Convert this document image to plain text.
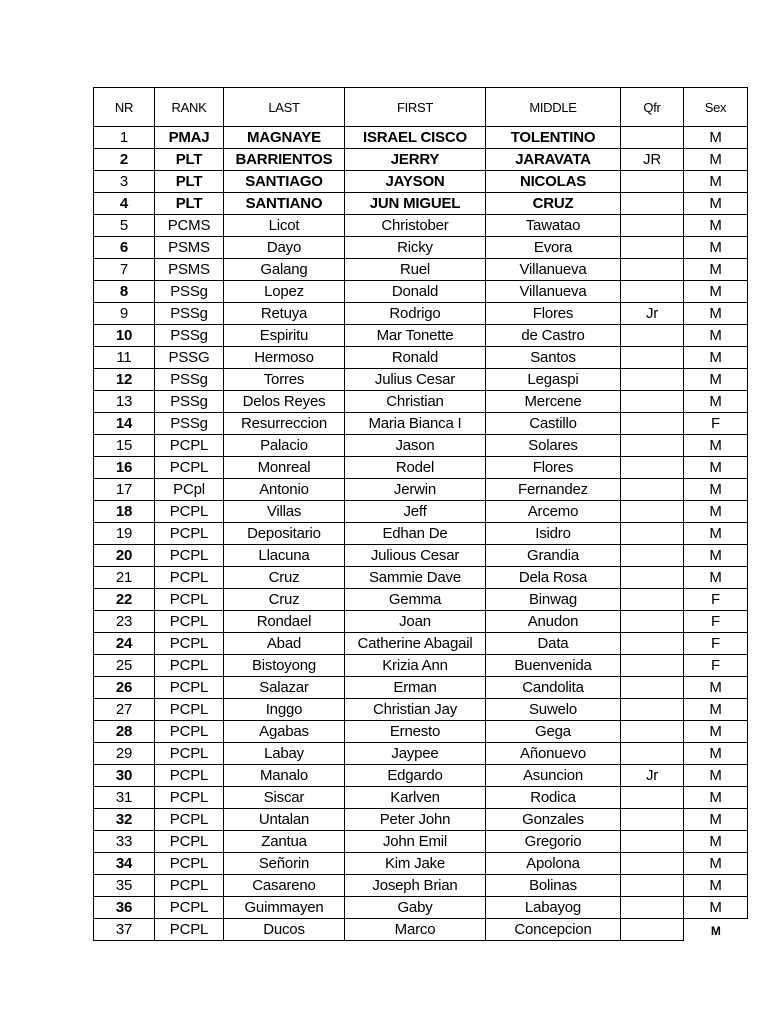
NR	RANK	LAST	FIRST	MIDDLE	Qfr	Sex
1	PMAJ	MAGNAYE	ISRAEL CISCO	TOLENTINO		M
2	PLT	BARRIENTOS	JERRY	JARAVATA	JR	M
3	PLT	SANTIAGO	JAYSON	NICOLAS		M
4	PLT	SANTIANO	JUN MIGUEL	CRUZ		M
5	PCMS	Licot	Christober	Tawatao		M
6	PSMS	Dayo	Ricky	Evora		M
7	PSMS	Galang	Ruel	Villanueva		M
8	PSSg	Lopez	Donald	Villanueva		M
9	PSSg	Retuya	Rodrigo	Flores	Jr	M
10	PSSg	Espiritu	Mar Tonette	de Castro		M
11	PSSG	Hermoso	Ronald	Santos		M
12	PSSg	Torres	Julius Cesar	Legaspi		M
13	PSSg	Delos Reyes	Christian	Mercene		M
14	PSSg	Resurreccion	Maria Bianca I	Castillo		F
15	PCPL	Palacio	Jason	Solares		M
16	PCPL	Monreal	Rodel	Flores		M
17	PCpl	Antonio	Jerwin	Fernandez		M
18	PCPL	Villas	Jeff	Arcemo		M
19	PCPL	Depositario	Edhan De	Isidro		M
20	PCPL	Llacuna	Julious Cesar	Grandia		M
21	PCPL	Cruz	Sammie Dave	Dela Rosa		M
22	PCPL	Cruz	Gemma	Binwag		F
23	PCPL	Rondael	Joan	Anudon		F
24	PCPL	Abad	Catherine Abagail	Data		F
25	PCPL	Bistoyong	Krizia Ann	Buenvenida		F
26	PCPL	Salazar	Erman	Candolita		M
27	PCPL	Inggo	Christian Jay	Suwelo		M
28	PCPL	Agabas	Ernesto	Gega		M
29	PCPL	Labay	Jaypee	Añonuevo		M
30	PCPL	Manalo	Edgardo	Asuncion	Jr	M
31	PCPL	Siscar	Karlven	Rodica		M
32	PCPL	Untalan	Peter John	Gonzales		M
33	PCPL	Zantua	John Emil	Gregorio		M
34	PCPL	Señorin	Kim Jake	Apolona		M
35	PCPL	Casareno	Joseph Brian	Bolinas		M
36	PCPL	Guimmayen	Gaby	Labayog		M
37	PCPL	Ducos	Marco	Concepcion		M
